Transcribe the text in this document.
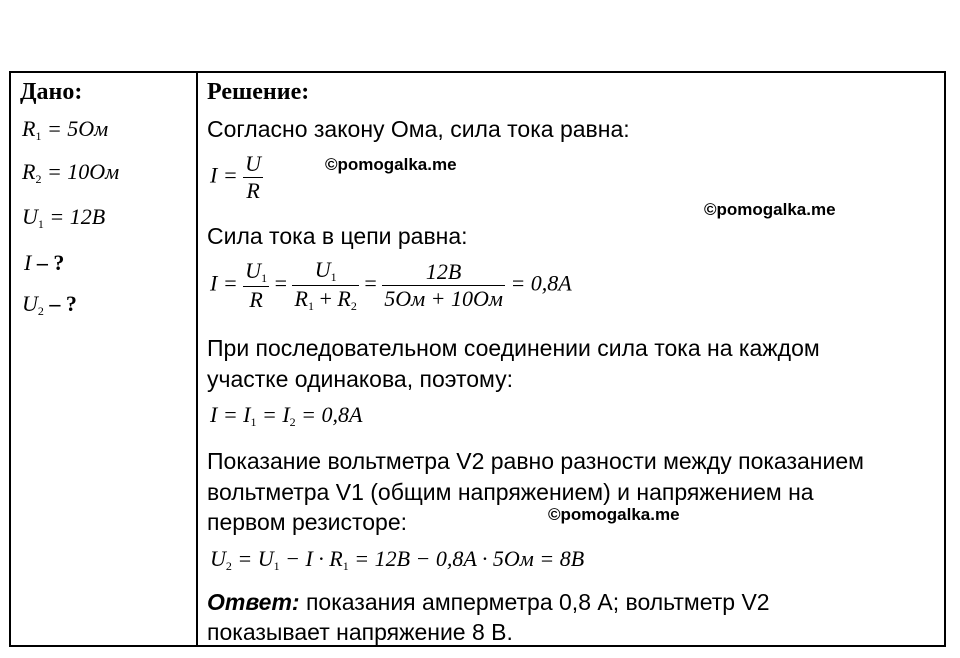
Дано:
$R_1 = 5Ом$
$R_2 = 10Ом$
$U_1 = 12B$
I – ?
$U_2$ – ?
Решение:
Согласно закону Ома, сила тока равна:
$I = \frac{U}{R}$
Сила тока в цепи равна:
$I = \frac{U_1}{R} = \frac{U_1}{R_1 + R_2} = \frac{12B}{5Ом + 10Ом} = 0,8A$
При последовательном соединении сила тока на каждом
участке одинакова, поэтому:
$I = I_1 = I_2 = 0,8A$
Показание вольтметра V2 равно разности между показанием
вольтметра V1 (общим напряжением) и напряжением на
первом резисторе:
$U_2 = U_1 - I \cdot R_1 = 12B - 0,8A \cdot 5Ом = 8B$
Ответ: показания амперметра 0,8 А; вольтметр V2
показывает напряжение 8 В.
©pomogalka.me
©pomogalka.me
©pomogalka.me
